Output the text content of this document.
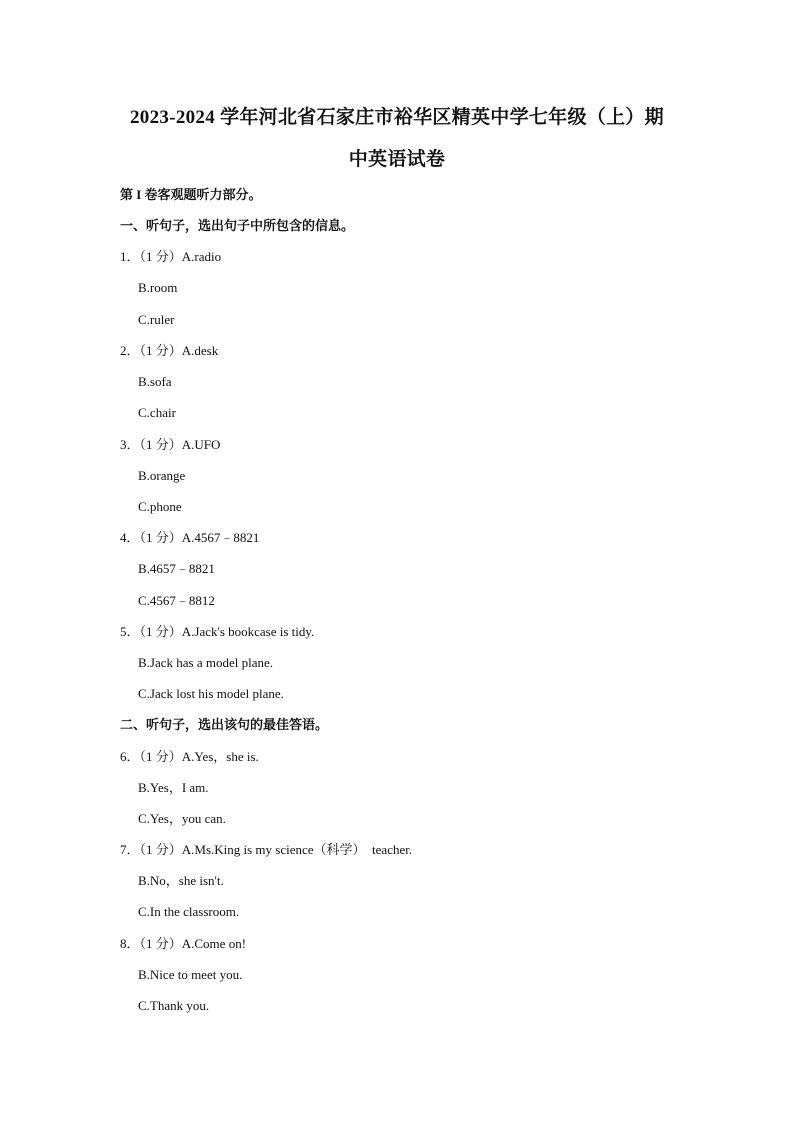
2023-2024 学年河北省石家庄市裕华区精英中学七年级（上）期
中英语试卷
第 I 卷客观题听力部分。
一、听句子，选出句子中所包含的信息。
1．（1 分）A.radio
B.room
C.ruler
2．（1 分）A.desk
B.sofa
C.chair
3．（1 分）A.UFO
B.orange
C.phone
4．（1 分）A.4567﹣8821
B.4657﹣8821
C.4567﹣8812
5．（1 分）A.Jack's bookcase is tidy.
B.Jack has a model plane.
C.Jack lost his model plane.
二、听句子，选出该句的最佳答语。
6．（1 分）A.Yes，she is.
B.Yes，I am.
C.Yes，you can.
7．（1 分）A.Ms.King is my science（科学）  teacher.
B.No，she isn't.
C.In the classroom.
8．（1 分）A.Come on!
B.Nice to meet you.
C.Thank you.
